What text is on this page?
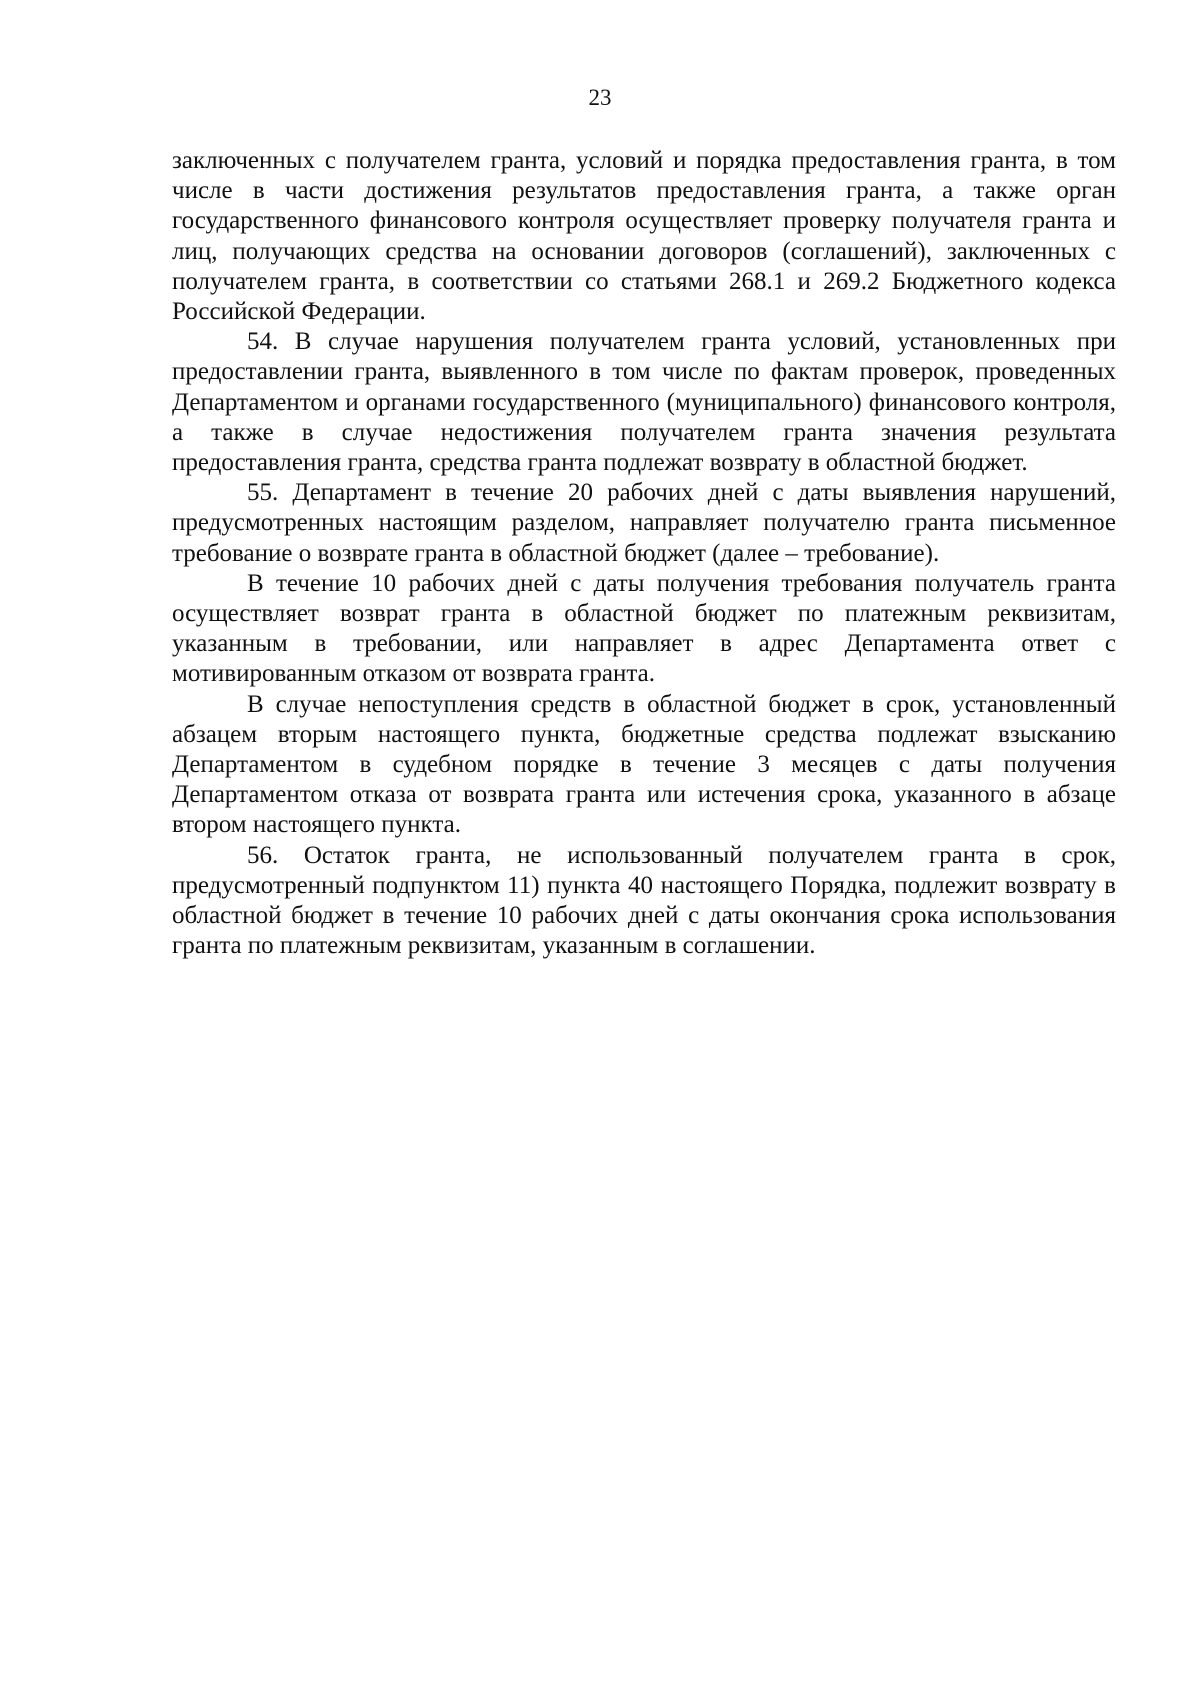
23

заключенных с получателем гранта, условий и порядка предоставления гранта, в том числе в части достижения результатов предоставления гранта, а также орган государственного финансового контроля осуществляет проверку получателя гранта и лиц, получающих средства на основании договоров (соглашений), заключенных с получателем гранта, в соответствии со статьями 268.1 и 269.2 Бюджетного кодекса Российской Федерации.

54. В случае нарушения получателем гранта условий, установленных при предоставлении гранта, выявленного в том числе по фактам проверок, проведенных Департаментом и органами государственного (муниципального) финансового контроля, а также в случае недостижения получателем гранта значения результата предоставления гранта, средства гранта подлежат возврату в областной бюджет.

55. Департамент в течение 20 рабочих дней с даты выявления нарушений, предусмотренных настоящим разделом, направляет получателю гранта письменное требование о возврате гранта в областной бюджет (далее – требование).

В течение 10 рабочих дней с даты получения требования получатель гранта осуществляет возврат гранта в областной бюджет по платежным реквизитам, указанным в требовании, или направляет в адрес Департамента ответ с мотивированным отказом от возврата гранта.

В случае непоступления средств в областной бюджет в срок, установленный абзацем вторым настоящего пункта, бюджетные средства подлежат взысканию Департаментом в судебном порядке в течение 3 месяцев с даты получения Департаментом отказа от возврата гранта или истечения срока, указанного в абзаце втором настоящего пункта.

56. Остаток гранта, не использованный получателем гранта в срок, предусмотренный подпунктом 11) пункта 40 настоящего Порядка, подлежит возврату в областной бюджет в течение 10 рабочих дней с даты окончания срока использования гранта по платежным реквизитам, указанным в соглашении.
